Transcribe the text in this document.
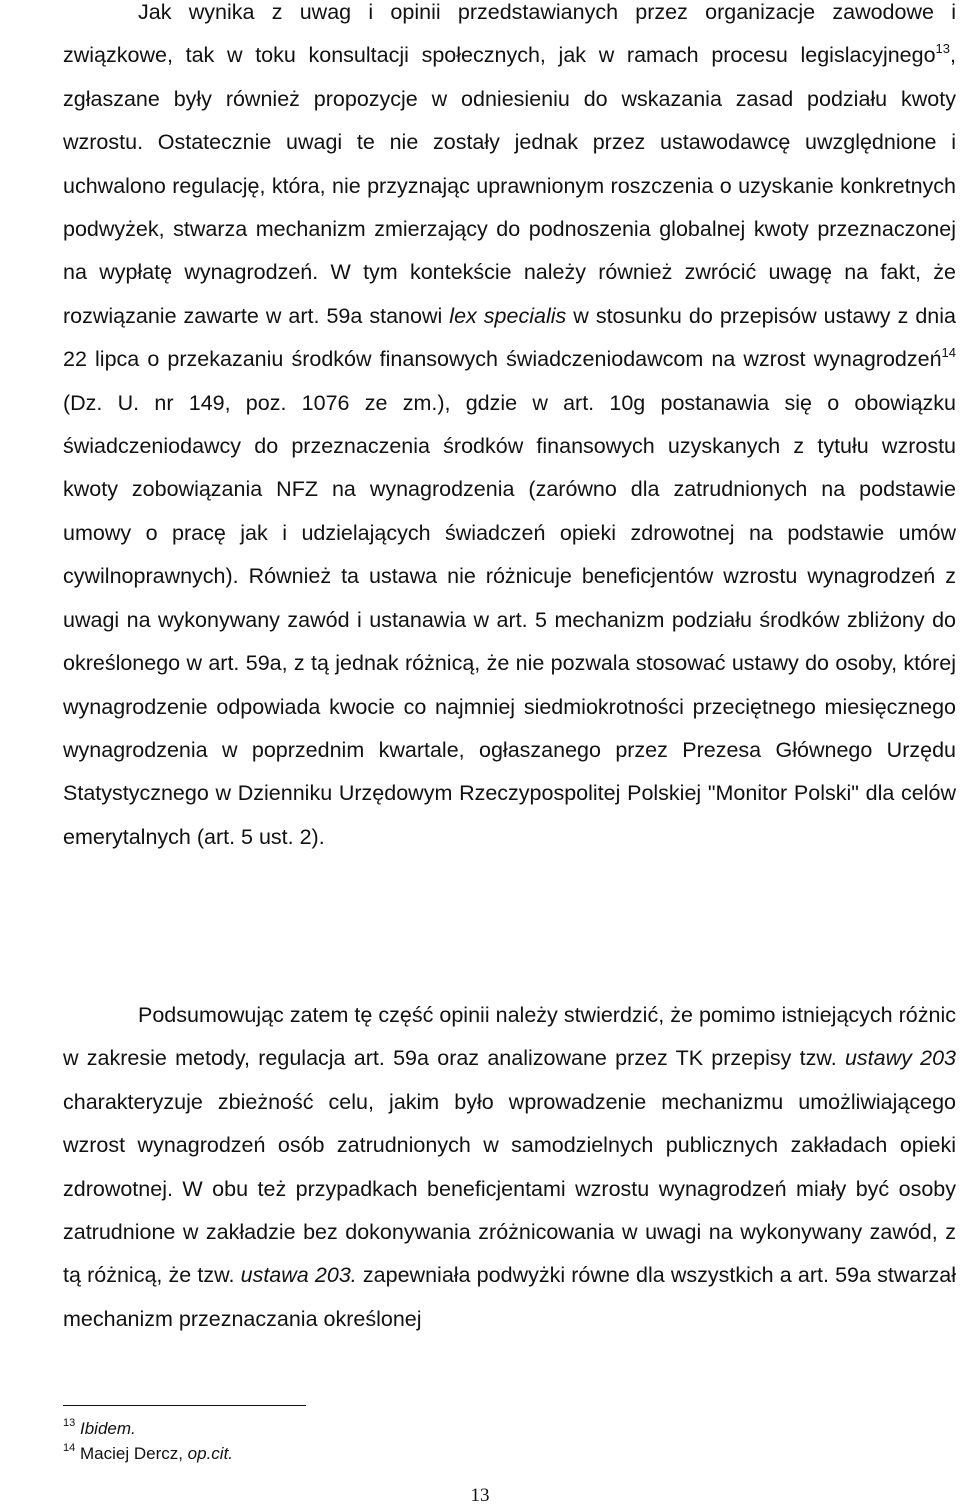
Jak wynika z uwag i opinii przedstawianych przez organizacje zawodowe i związkowe, tak w toku konsultacji społecznych, jak w ramach procesu legislacyjnego$^{13}$, zgłaszane były również propozycje w odniesieniu do wskazania zasad podziału kwoty wzrostu. Ostatecznie uwagi te nie zostały jednak przez ustawodawcę uwzględnione i uchwalono regulację, która, nie przyznając uprawnionym roszczenia o uzyskanie konkretnych podwyżek, stwarza mechanizm zmierzający do podnoszenia globalnej kwoty przeznaczonej na wypłatę wynagrodzeń. W tym kontekście należy również zwrócić uwagę na fakt, że rozwiązanie zawarte w art. 59a stanowi lex specialis w stosunku do przepisów ustawy z dnia 22 lipca o przekazaniu środków finansowych świadczeniodawcom na wzrost wynagrodzeń$^{14}$ (Dz. U. nr 149, poz. 1076 ze zm.), gdzie w art. 10g postanawia się o obowiązku świadczeniodawcy do przeznaczenia środków finansowych uzyskanych z tytułu wzrostu kwoty zobowiązania NFZ na wynagrodzenia (zarówno dla zatrudnionych na podstawie umowy o pracę jak i udzielających świadczeń opieki zdrowotnej na podstawie umów cywilnoprawnych). Również ta ustawa nie różnicuje beneficjentów wzrostu wynagrodzeń z uwagi na wykonywany zawód i ustanawia w art. 5 mechanizm podziału środków zbliżony do określonego w art. 59a, z tą jednak różnicą, że nie pozwala stosować ustawy do osoby, której wynagrodzenie odpowiada kwocie co najmniej siedmiokrotności przeciętnego miesięcznego wynagrodzenia w poprzednim kwartale, ogłaszanego przez Prezesa Głównego Urzędu Statystycznego w Dzienniku Urzędowym Rzeczypospolitej Polskiej "Monitor Polski" dla celów emerytalnych (art. 5 ust. 2).

Podsumowując zatem tę część opinii należy stwierdzić, że pomimo istniejących różnic w zakresie metody, regulacja art. 59a oraz analizowane przez TK przepisy tzw. ustawy 203 charakteryzuje zbieżność celu, jakim było wprowadzenie mechanizmu umożliwiającego wzrost wynagrodzeń osób zatrudnionych w samodzielnych publicznych zakładach opieki zdrowotnej. W obu też przypadkach beneficjentami wzrostu wynagrodzeń miały być osoby zatrudnione w zakładzie bez dokonywania zróżnicowania w uwagi na wykonywany zawód, z tą różnicą, że tzw. ustawa 203. zapewniała podwyżki równe dla wszystkich a art. 59a stwarzał mechanizm przeznaczania określonej

$^{13}$ Ibidem.
$^{14}$ Maciej Dercz, op.cit.
13
